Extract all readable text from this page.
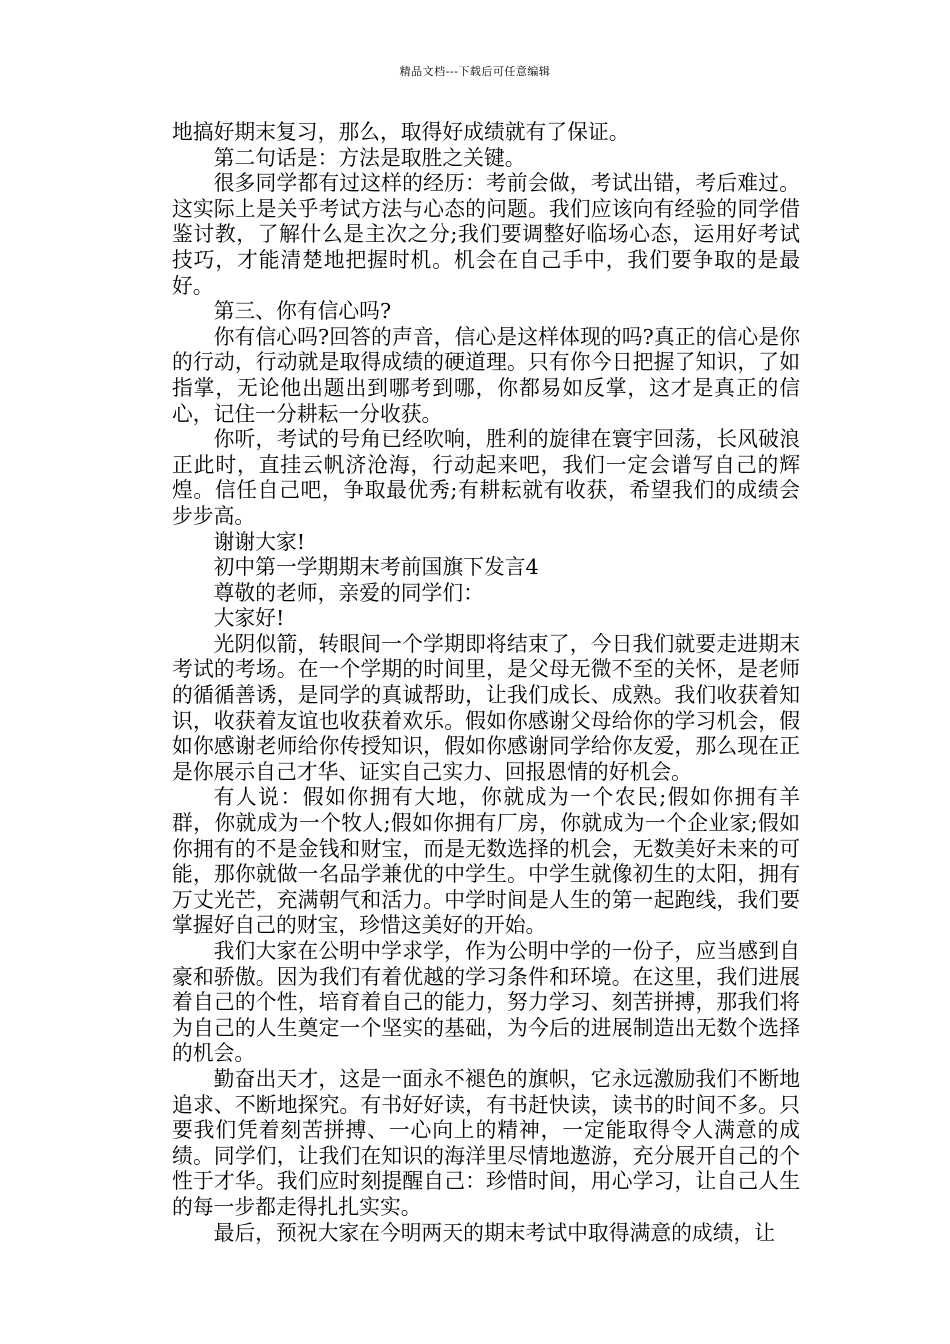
精品文档---下载后可任意编辑

地搞好期末复习，那么，取得好成绩就有了保证。

第二句话是：方法是取胜之关键。

很多同学都有过这样的经历：考前会做，考试出错，考后难过。这实际上是关乎考试方法与心态的问题。我们应该向有经验的同学借鉴讨教，了解什么是主次之分;我们要调整好临场心态，运用好考试技巧，才能清楚地把握时机。机会在自己手中，我们要争取的是最好。

第三、你有信心吗?

你有信心吗?回答的声音，信心是这样体现的吗?真正的信心是你的行动，行动就是取得成绩的硬道理。只有你今日把握了知识，了如指掌，无论他出题出到哪考到哪，你都易如反掌，这才是真正的信心，记住一分耕耘一分收获。

你听，考试的号角已经吹响，胜利的旋律在寰宇回荡，长风破浪正此时，直挂云帆济沧海，行动起来吧，我们一定会谱写自己的辉煌。信任自己吧，争取最优秀;有耕耘就有收获，希望我们的成绩会步步高。

谢谢大家!

初中第一学期期末考前国旗下发言4

尊敬的老师，亲爱的同学们：

大家好!

光阴似箭，转眼间一个学期即将结束了，今日我们就要走进期末考试的考场。在一个学期的时间里，是父母无微不至的关怀，是老师的循循善诱，是同学的真诚帮助，让我们成长、成熟。我们收获着知识，收获着友谊也收获着欢乐。假如你感谢父母给你的学习机会，假如你感谢老师给你传授知识，假如你感谢同学给你友爱，那么现在正是你展示自己才华、证实自己实力、回报恩情的好机会。

有人说：假如你拥有大地，你就成为一个农民;假如你拥有羊群，你就成为一个牧人;假如你拥有厂房，你就成为一个企业家;假如你拥有的不是金钱和财宝，而是无数选择的机会，无数美好未来的可能，那你就做一名品学兼优的中学生。中学生就像初生的太阳，拥有万丈光芒，充满朝气和活力。中学时间是人生的第一起跑线，我们要掌握好自己的财宝，珍惜这美好的开始。

我们大家在公明中学求学，作为公明中学的一份子，应当感到自豪和骄傲。因为我们有着优越的学习条件和环境。在这里，我们进展着自己的个性，培育着自己的能力，努力学习、刻苦拼搏，那我们将为自己的人生奠定一个坚实的基础，为今后的进展制造出无数个选择的机会。

勤奋出天才，这是一面永不褪色的旗帜，它永远激励我们不断地追求、不断地探究。有书好好读，有书赶快读，读书的时间不多。只要我们凭着刻苦拼搏、一心向上的精神，一定能取得令人满意的成绩。同学们，让我们在知识的海洋里尽情地遨游，充分展开自己的个性于才华。我们应时刻提醒自己：珍惜时间，用心学习，让自己人生的每一步都走得扎扎实实。

最后，预祝大家在今明两天的期末考试中取得满意的成绩，让
